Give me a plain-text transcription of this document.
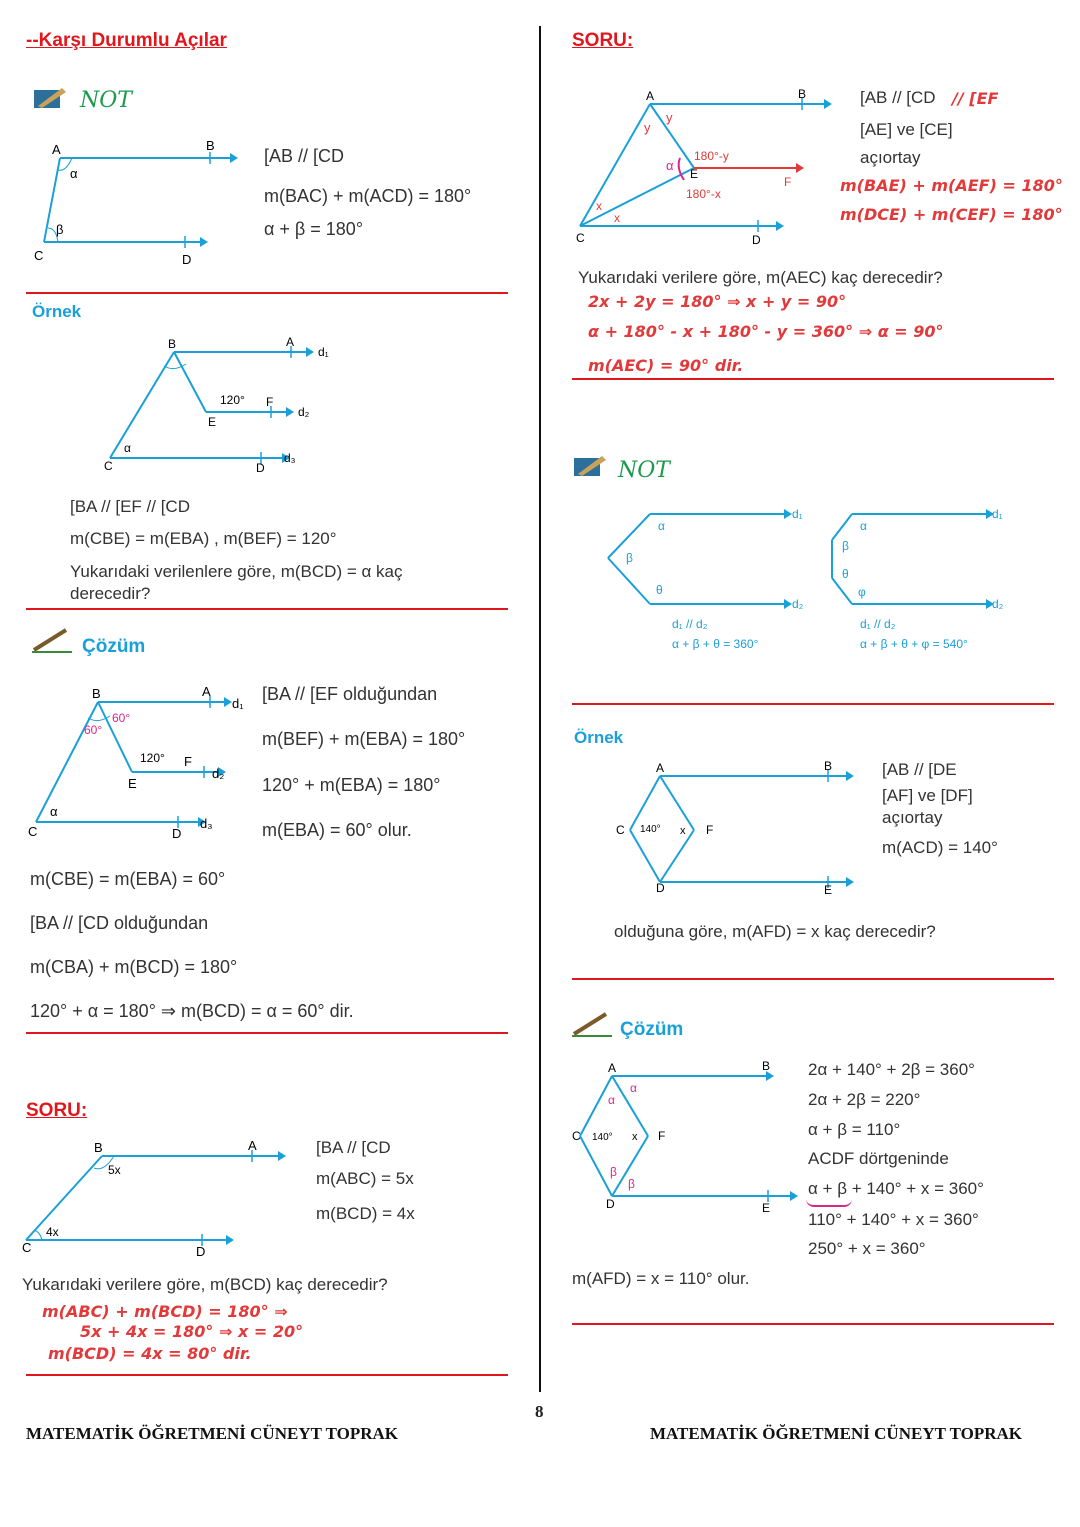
--Karşı Durumlu Açılar
NOT
A	B
C	D
α
β
[AB // [CD
m(BAC) + m(ACD) = 180°
α + β = 180°
Örnek
B	A
d₁
E
F
d₂
C	D
d₃
120°
α
[BA // [EF // [CD
m(CBE) = m(EBA) , m(BEF) = 120°
Yukarıdaki verilenlere göre, m(BCD) = α kaç
derecedir?
Çözüm
B	A
d₁
E
F
d₂
C	D
d₃
120°
60°
60°
α
[BA // [EF olduğundan
m(BEF) + m(EBA) = 180°
120° + m(EBA) = 180°
m(EBA) = 60° olur.
m(CBE) = m(EBA) = 60°
[BA // [CD olduğundan
m(CBA) + m(BCD) = 180°
120° + α = 180° ⇒ m(BCD) = α = 60° dir.
SORU:
B	A
C	D
5x
4x
[BA // [CD
m(ABC) = 5x
m(BCD) = 4x
Yukarıdaki verilere göre, m(BCD) kaç derecedir?
m(ABC) + m(BCD) = 180° ⇒
5x + 4x = 180° ⇒ x = 20°
m(BCD) = 4x = 80° dir.
SORU:
A	B
C	D
E
F
y
y
x
x
α
180°-y
180°-x
[AB // [CD // [EF
[AE] ve [CE]
açıortay
m(BAE) + m(AEF) = 180°
m(DCE) + m(CEF) = 180°
Yukarıdaki verilere göre, m(AEC) kaç derecedir?
2x + 2y = 180° ⇒ x + y = 90°
α + 180° - x + 180° - y = 360° ⇒ α = 90°
m(AEC) = 90° dir.
NOT
d₁
d₂
α
β
θ
d₁ // d₂
α + β + θ = 360°
d₁
d₂
α
β
θ
φ
d₁ // d₂
α + β + θ + φ = 540°
Örnek
A	B
C
D	E
F
140° x
[AB // [DE
[AF] ve [DF]
açıortay
m(ACD) = 140°
olduğuna göre, m(AFD) = x kaç derecedir?
Çözüm
A	B
C
D	E
F
140° x
α
α
β
β
2α + 140° + 2β = 360°
2α + 2β = 220°
α + β = 110°
ACDF dörtgeninde
α + β + 140° + x = 360°
110° + 140° + x = 360°
250° + x = 360°
m(AFD) = x = 110° olur.
8
MATEMATİK ÖĞRETMENİ CÜNEYT TOPRAK	MATEMATİK ÖĞRETMENİ CÜNEYT TOPRAK
